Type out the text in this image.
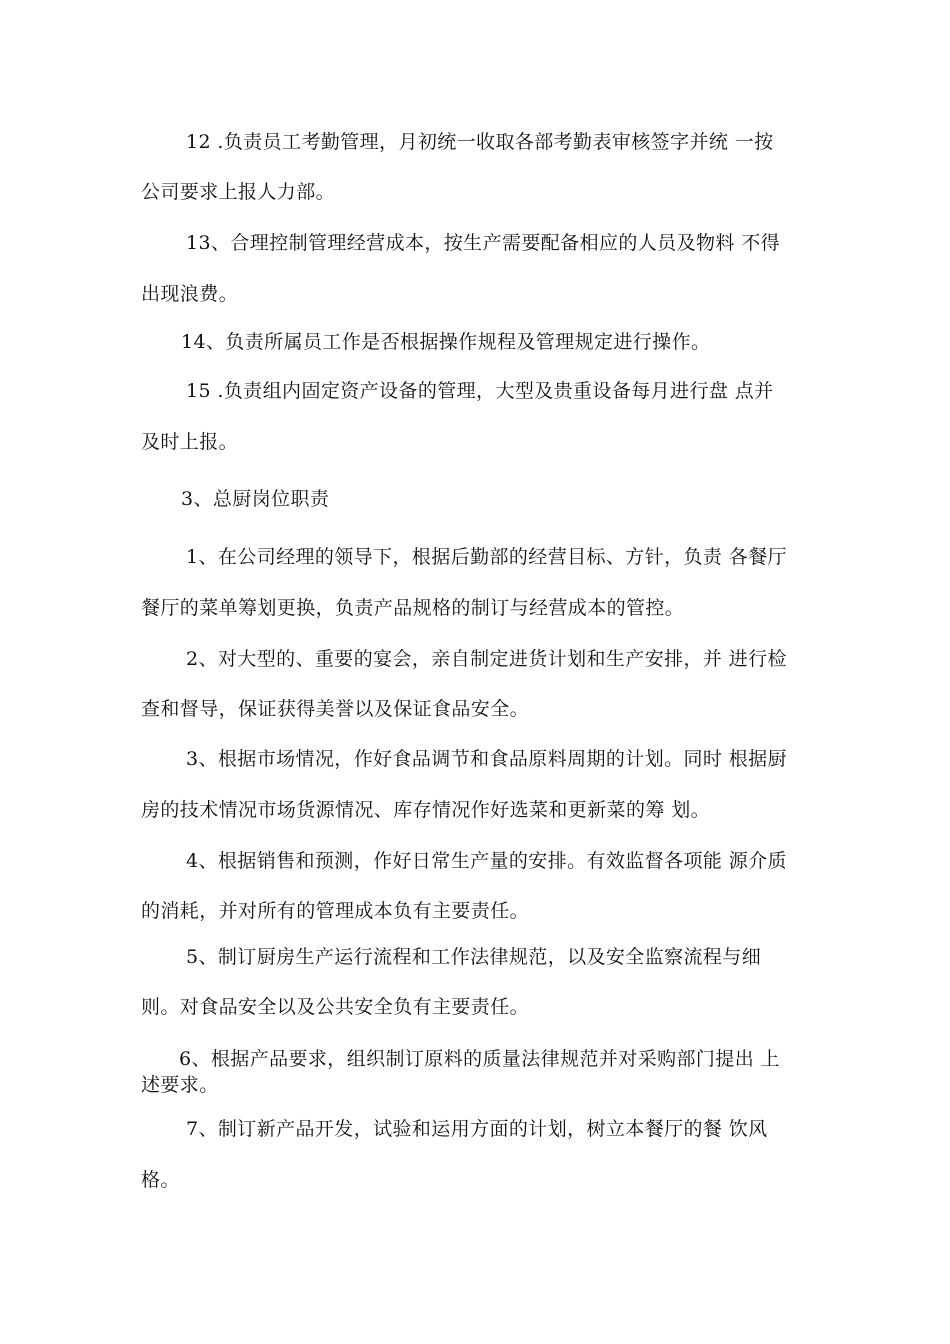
12 .负责员工考勤管理，月初统一收取各部考勤表审核签字并统 一按
公司要求上报人力部。
13、合理控制管理经营成本，按生产需要配备相应的人员及物料 不得
出现浪费。
14、负责所属员工作是否根据操作规程及管理规定进行操作。
15 .负责组内固定资产设备的管理，大型及贵重设备每月进行盘 点并
及时上报。
3、总厨岗位职责
1、在公司经理的领导下，根据后勤部的经营目标、方针，负责 各餐厅
餐厅的菜单筹划更换，负责产品规格的制订与经营成本的管控。
2、对大型的、重要的宴会，亲自制定进货计划和生产安排，并 进行检
查和督导，保证获得美誉以及保证食品安全。
3、根据市场情况，作好食品调节和食品原料周期的计划。同时 根据厨
房的技术情况市场货源情况、库存情况作好选菜和更新菜的筹 划。
4、根据销售和预测，作好日常生产量的安排。有效监督各项能 源介质
的消耗，并对所有的管理成本负有主要责任。
5、制订厨房生产运行流程和工作法律规范，以及安全监察流程与细
则。对食品安全以及公共安全负有主要责任。
6、根据产品要求，组织制订原料的质量法律规范并对采购部门提出 上
述要求。
7、制订新产品开发，试验和运用方面的计划，树立本餐厅的餐 饮风
格。
